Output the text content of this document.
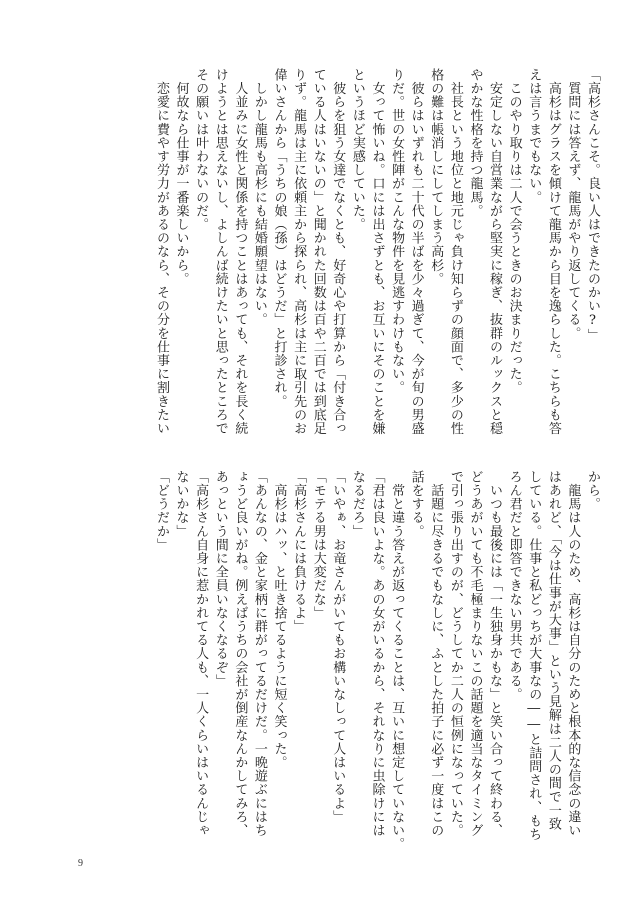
「高杉さんこそ。良い人はできたのかい?」
　質問には答えず、龍馬がやり返してくる。
　高杉はグラスを傾けて龍馬から目を逸らした。こちらも答
えは言うまでもない。
　このやり取りは二人で会うときのお決まりだった。
　安定しない自営業ながら堅実に稼ぎ、抜群のルックスと穏
やかな性格を持つ龍馬。
　社長という地位と地元じゃ負け知らずの顔面で、多少の性
格の難は帳消しにしてしまう高杉。
　彼らはいずれも二十代の半ばを少々過ぎて、今が旬の男盛
りだ。世の女性陣がこんな物件を見逃すわけもない。
　女って怖いね。口には出さずとも、お互いにそのことを嫌
というほど実感していた。
　彼らを狙う女達でなくとも、好奇心や打算から「付き合っ
ている人はいないの」と聞かれた回数は百や二百では到底足
りず。龍馬は主に依頼主から探られ、高杉は主に取引先のお
偉いさんから「うちの娘（孫）はどうだ」と打診され。
　しかし龍馬も高杉にも結婚願望はない。
　人並みに女性と関係を持つことはあっても、それを長く続
けようとは思えないし、よしんば続けたいと思ったところで
その願いは叶わないのだ。
　何故なら仕事が一番楽しいから。
　恋愛に費やす労力があるのなら、その分を仕事に割きたい
から。
　龍馬は人のため、高杉は自分のためと根本的な信念の違い
はあれど、「今は仕事が大事」という見解は二人の間で一致
している。仕事と私どっちが大事なの――と詰問され、もち
ろん君だと即答できない男共である。
　いつも最後には「一生独身かもな」と笑い合って終わる、
どうあがいても不毛極まりないこの話題を適当なタイミング
で引っ張り出すのが、どうしてか二人の恒例になっていた。
　話題に尽きるでもなしに、ふとした拍子に必ず一度はこの
話をする。
　常と違う答えが返ってくることは、互いに想定していない。
「君は良いよな。あの女がいるから、それなりに虫除けには
なるだろ」
「いやぁ、お竜さんがいてもお構いなしって人はいるよ」
「モテる男は大変だな」
「高杉さんには負けるよ」
　高杉はハッ、と吐き捨てるように短く笑った。
「あんなの、金と家柄に群がってるだけだ。一晩遊ぶにはち
ょうど良いがね。例えばうちの会社が倒産なんかしてみろ、
あっという間に全員いなくなるぞ」
「高杉さん自身に惹かれてる人も、一人くらいはいるんじゃ
ないかな」
「どうだか」
9
